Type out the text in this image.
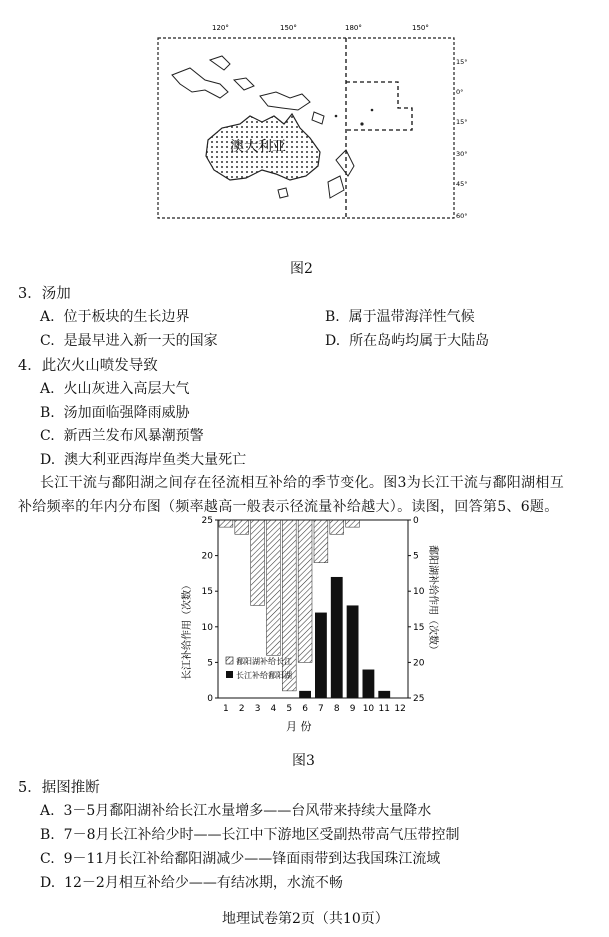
120°	150°	180°	150°
15°
0°
15°
30°
45°
60°
澳大利亚
图2
3．汤加
A. 位于板块的生长边界	B. 属于温带海洋性气候
C. 是最早进入新一天的国家	D. 所在岛屿均属于大陆岛
4．此次火山喷发导致
A. 火山灰进入高层大气
B. 汤加面临强降雨威胁
C. 新西兰发布风暴潮预警
D. 澳大利亚西海岸鱼类大量死亡
长江干流与鄱阳湖之间存在径流相互补给的季节变化。图3为长江干流与鄱阳湖相互
补给频率的年内分布图（频率越高一般表示径流量补给越大）。读图，回答第5、6题。
长江补给作用（次数）	鄱阳湖补给作用（次数）
月 份
0
5
10
15
20
25	0
5
10
15
20
25
1 2 3 4 5 6 7 8 9 10 11 12
鄱阳湖补给长江
长江补给鄱阳湖
图3
5．据图推断
A. 3－5月鄱阳湖补给长江水量增多——台风带来持续大量降水
B. 7－8月长江补给少时——长江中下游地区受副热带高气压带控制
C. 9－11月长江补给鄱阳湖减少——锋面雨带到达我国珠江流域
D. 12－2月相互补给少——有结冰期，水流不畅
地理试卷第2页（共10页）
